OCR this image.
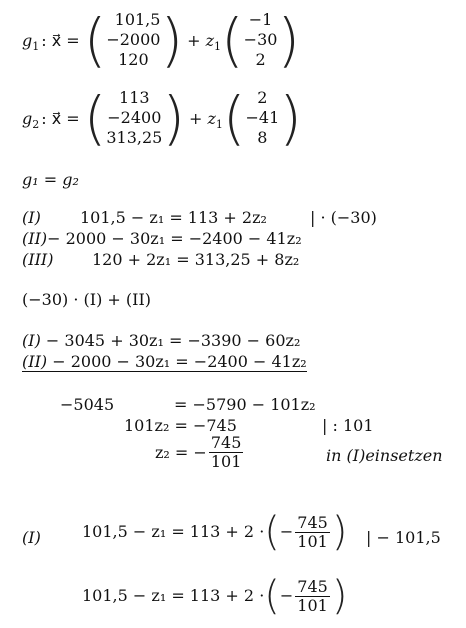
$g_1$ : x⃗ = ( 101,5
−2000
120 ) + $z_1$ ( −1
−30
2 )
$g_2$ : x⃗ = ( 113
−2400
313,25 ) + $z_1$ ( 2
−41
8 )
g₁ = g₂
(I) 101,5 − z₁ = 113 + 2z₂	| · (−30)
(II)− 2000 − 30z₁ = −2400 − 41z₂
(III) 120 + 2z₁ = 313,25 + 8z₂
(−30) · (I) + (II)
(I) − 3045 + 30z₁ = −3390 − 60z₂
(II) − 2000 − 30z₁ = −2400 − 41z₂
−5045	= −5790 − 101z₂
101z₂ = −745	| : 101
z₂ = − $\frac{745}{101}$	in (I)einsetzen
(I)	101,5 − z₁ = 113 + 2 · ( − $\frac{745}{101}$ ) | − 101,5
101,5 − z₁ = 113 + 2 · ( − $\frac{745}{101}$ )
